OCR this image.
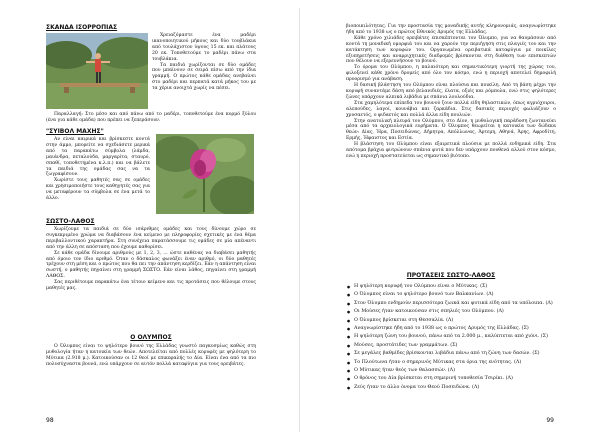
ΣΚΑΝΔΑ ΙΣΟΡΡΟΠΙΑΣ

Χρειαζόμαστε ένα μαδέρι ικανοποιητικού μήκους και δύο τουβλάκια από τουλάχιστον ύψους 15 εκ. και πλάτους 20 εκ. Τοποθετούμε το μαδέρι πάνω στα τουβλάκια.

Τα παιδιά χωρίζονται σε δύο ομάδες που μπαίνουν σε σειρά πίσω από την ίδια γραμμή. Ο πρώτος κάθε ομάδας ανεβαίνει στο μαδέρι και περπατά κατά μήκος του με τα χέρια ανοιχτά χωρίς να πέσει.

Παραλλαγή: Στο μέσο και από πάνω από το μαδέρι, τοποθετούμε ένα κορμό ξύλου (ένα για κάθε ομάδα) που πρέπει να ξεπεράσουν.

"ΣΥΙΒΟΛ ΜΑΧΗΣ"

Αν είναι καιρικά και βρίσκεστε κοντά στην άμμο, μπορείτε να σχεδιάσετε μερικά από τα παρακάτω σύμβολα (λάμδα, μαιάνδρα, πεταλούδα, μαργαρίτα, σταυρό, σπαθί, τοποθετημένα κ.λ.π.) και να βάλετε τα παιδιά της ομάδας σας να τα ζωγραφίσουν.

Χωρίστε τους μαθητές σας σε ομάδες και χρησιμοποιήστε τους καθηγητές σας για να μεταφέρουν τα σύμβολα σε ένα μετά το άλλο.

ΣΩΣΤΟ-ΛΑΘΟΣ

Χωρίζουμε τα παιδιά σε δύο ισάριθμες ομάδες και τους δίνουμε χώρο σε συγκεκριμένο χρώμα να διαβάσουν ένα κείμενο με πληροφορίες σχετικές με ένα θέμα περιβαλλοντικού χαρακτήρα. Στη συνέχεια παρατάσσουμε τις ομάδες σε μία απέναντι από την άλλη σε απόσταση που έχουμε καθορίσει.

Σε κάθε ομάδα δίνουμε αριθμούς με 1, 2, 3, ... ώστε καθένας να διαβάσει μαθητής από όμοιο τον ίδιο αριθμό. Όταν ο δάσκαλος φωνάξει έναν αριθμό, οι δύο μαθητές τρέχουν στη μέση και ο πρώτος που θα πει την απάντηση κερδίζει. Εάν η απάντηση είναι σωστή, ο μαθητής πηγαίνει στη γραμμή ΣΩΣΤΟ. Εάν είναι λάθος, πηγαίνει στη γραμμή ΛΑΘΟΣ.

Σας περιθέτουμε παρακάτω ένα τέτοιο κείμενο και τις προτάσεις που θέλουμε στους μαθητές μας.

Ο ΟΛΥΜΠΟΣ

Ο Όλυμπος είναι το ψηλότερο βουνό της Ελλάδας γνωστό παγκοσμίως καθώς στη μυθολογία ήταν η κατοικία των θεών. Αποτελείται από πολλές κορυφές με ψηλότερη το Μύτικα (2.918 μ.). Κατοικούσαν οι 12 θεοί με επικεφαλής το Δία. Είναι ένα από τα πιο πολυσύχναστα βουνά, ενώ υπάρχουν σε αυτόν πολλά καταφύγια για τους ορειβάτες.

98

βιοποικιλότητας. Για την προστασία της μοναδικής αυτής κληρονομιάς, αναγνωρίστηκε ήδη από το 1938 ως ο πρώτος Εθνικός Δρυμός της Ελλάδας.

Κάθε χρόνο χιλιάδες ορειβάτες επισκέπτονται τον Όλυμπο, για να θαυμάσουν από κοντά τη μοναδική ομορφιά του και να χαρούν την περιήγηση στις πλαγιές του και την κατάκτηση των κορυφών του. Οργανωμένα ορειβατικά καταφύγια με ποικίλες εξυπηρετήσεις και αναρριχητικές διαδρομές βρίσκονται στη διάθεση των επισκεπτών που θέλουν να εξερευνήσουν το βουνό.

Το όρομα του Ολύμπου, η παλαιότερη και σημαντικότερη γιορτή της χώρας του, φιλοξενεί κάθε χρόνο δρομείς από όλο τον κόσμο, ενώ η περιοχή αποτελεί δημοφιλή προορισμό για ανάβαση.

Η δασική βλάστηση του Ολύμπου είναι πλούσια και ποικίλη. Από τη βάση μέχρι την κορυφή συναντάμε δάση από βελανιδιές, έλατα, οξιές και ρόμπολα, ενώ στις ψηλότερες ζώνες υπάρχουν αλπικά λιβάδια με σπάνια λουλούδια.

Στα χαμηλότερα επίπεδα του βουνού ζουν πολλά είδη θηλαστικών, όπως αγριόχοιροι, αλεπούδες, λαγοί, κουνάβια και ζαρκάδια. Στις δασικές περιοχές φωλιάζουν ο χρυσαετός, ο φιδαετός και πολλά άλλα είδη πουλιών.

Στην ανατολική πλευρά του Ολύμπου, στο Δίον, η μυθολογική παράδοση ζωντανεύει μέσα από τα αρχαιολογικά ευρήματα. Ο Όλυμπος θεωρείται η κατοικία των δώδεκα θεών: Δίας, Ήρα, Ποσειδώνας, Δήμητρα, Απόλλωνας, Άρτεμη, Αθηνά, Άρης, Αφροδίτη, Ερμής, Ήφαιστος και Εστία.

Η βλάστηση του Ολύμπου είναι εξαιρετικά πλούσια με πολλά ενδημικά είδη. Στα απότομα βράχια φυτρώνουν σπάνια φυτά που δεν υπάρχουν πουθενά αλλού στον κόσμο, ενώ η περιοχή προστατεύεται ως σημαντικό βιότοπο.

ΠΡΟΤΑΣΕΙΣ ΣΩΣΤΟ-ΛΑΘΟΣ
● Η ψηλότερη κορυφή του Ολύμπου είναι ο Μύτικας. (Σ)
● Ο Όλυμπος είναι το ψηλότερο βουνό των Βαλκανίων. (Λ)
● Στον Όλυμπο ενδημούν περισσότερα ζωικά και φυτικά είδη από τα υπόλοιπα. (Λ)
● Οι Μούσες ήταν κατοικούσαν στις σπηλιές του Ολύμπου. (Λ)
● Ο Όλυμπος βρίσκεται στη Θεσσαλία. (Λ)
● Αναγνωρίστηκε ήδη από το 1938 ως ο πρώτος Δρυμός της Ελλάδας. (Σ)
● Η ψηλότερη ζώνη του βουνού, πάνω από τα 2.000 μ., καλύπτεται από χιόνι. (Σ)
● Μούσες, προστάτιδες των γραμμάτων. (Σ)
● Σε μεγάλες βαθμίδες βρίσκονται λιβάδια πάνω από τη ζώνη των δασών. (Σ)
● Το Πλούτωνα ήταν ο σημερινός Μύτικας στα όρια της ενότητας. (Λ)
● Ο Μύτικας ήταν θεός των θαλασσών. (Λ)
● Ο θρόνος του Δία βρίσκεται στη σημερινή τοποθεσία Τσιρίκι. (Λ)
● Ζεύς ήταν το άλλο όνομα του Θεού Ποσειδώνα. (Λ)
99
